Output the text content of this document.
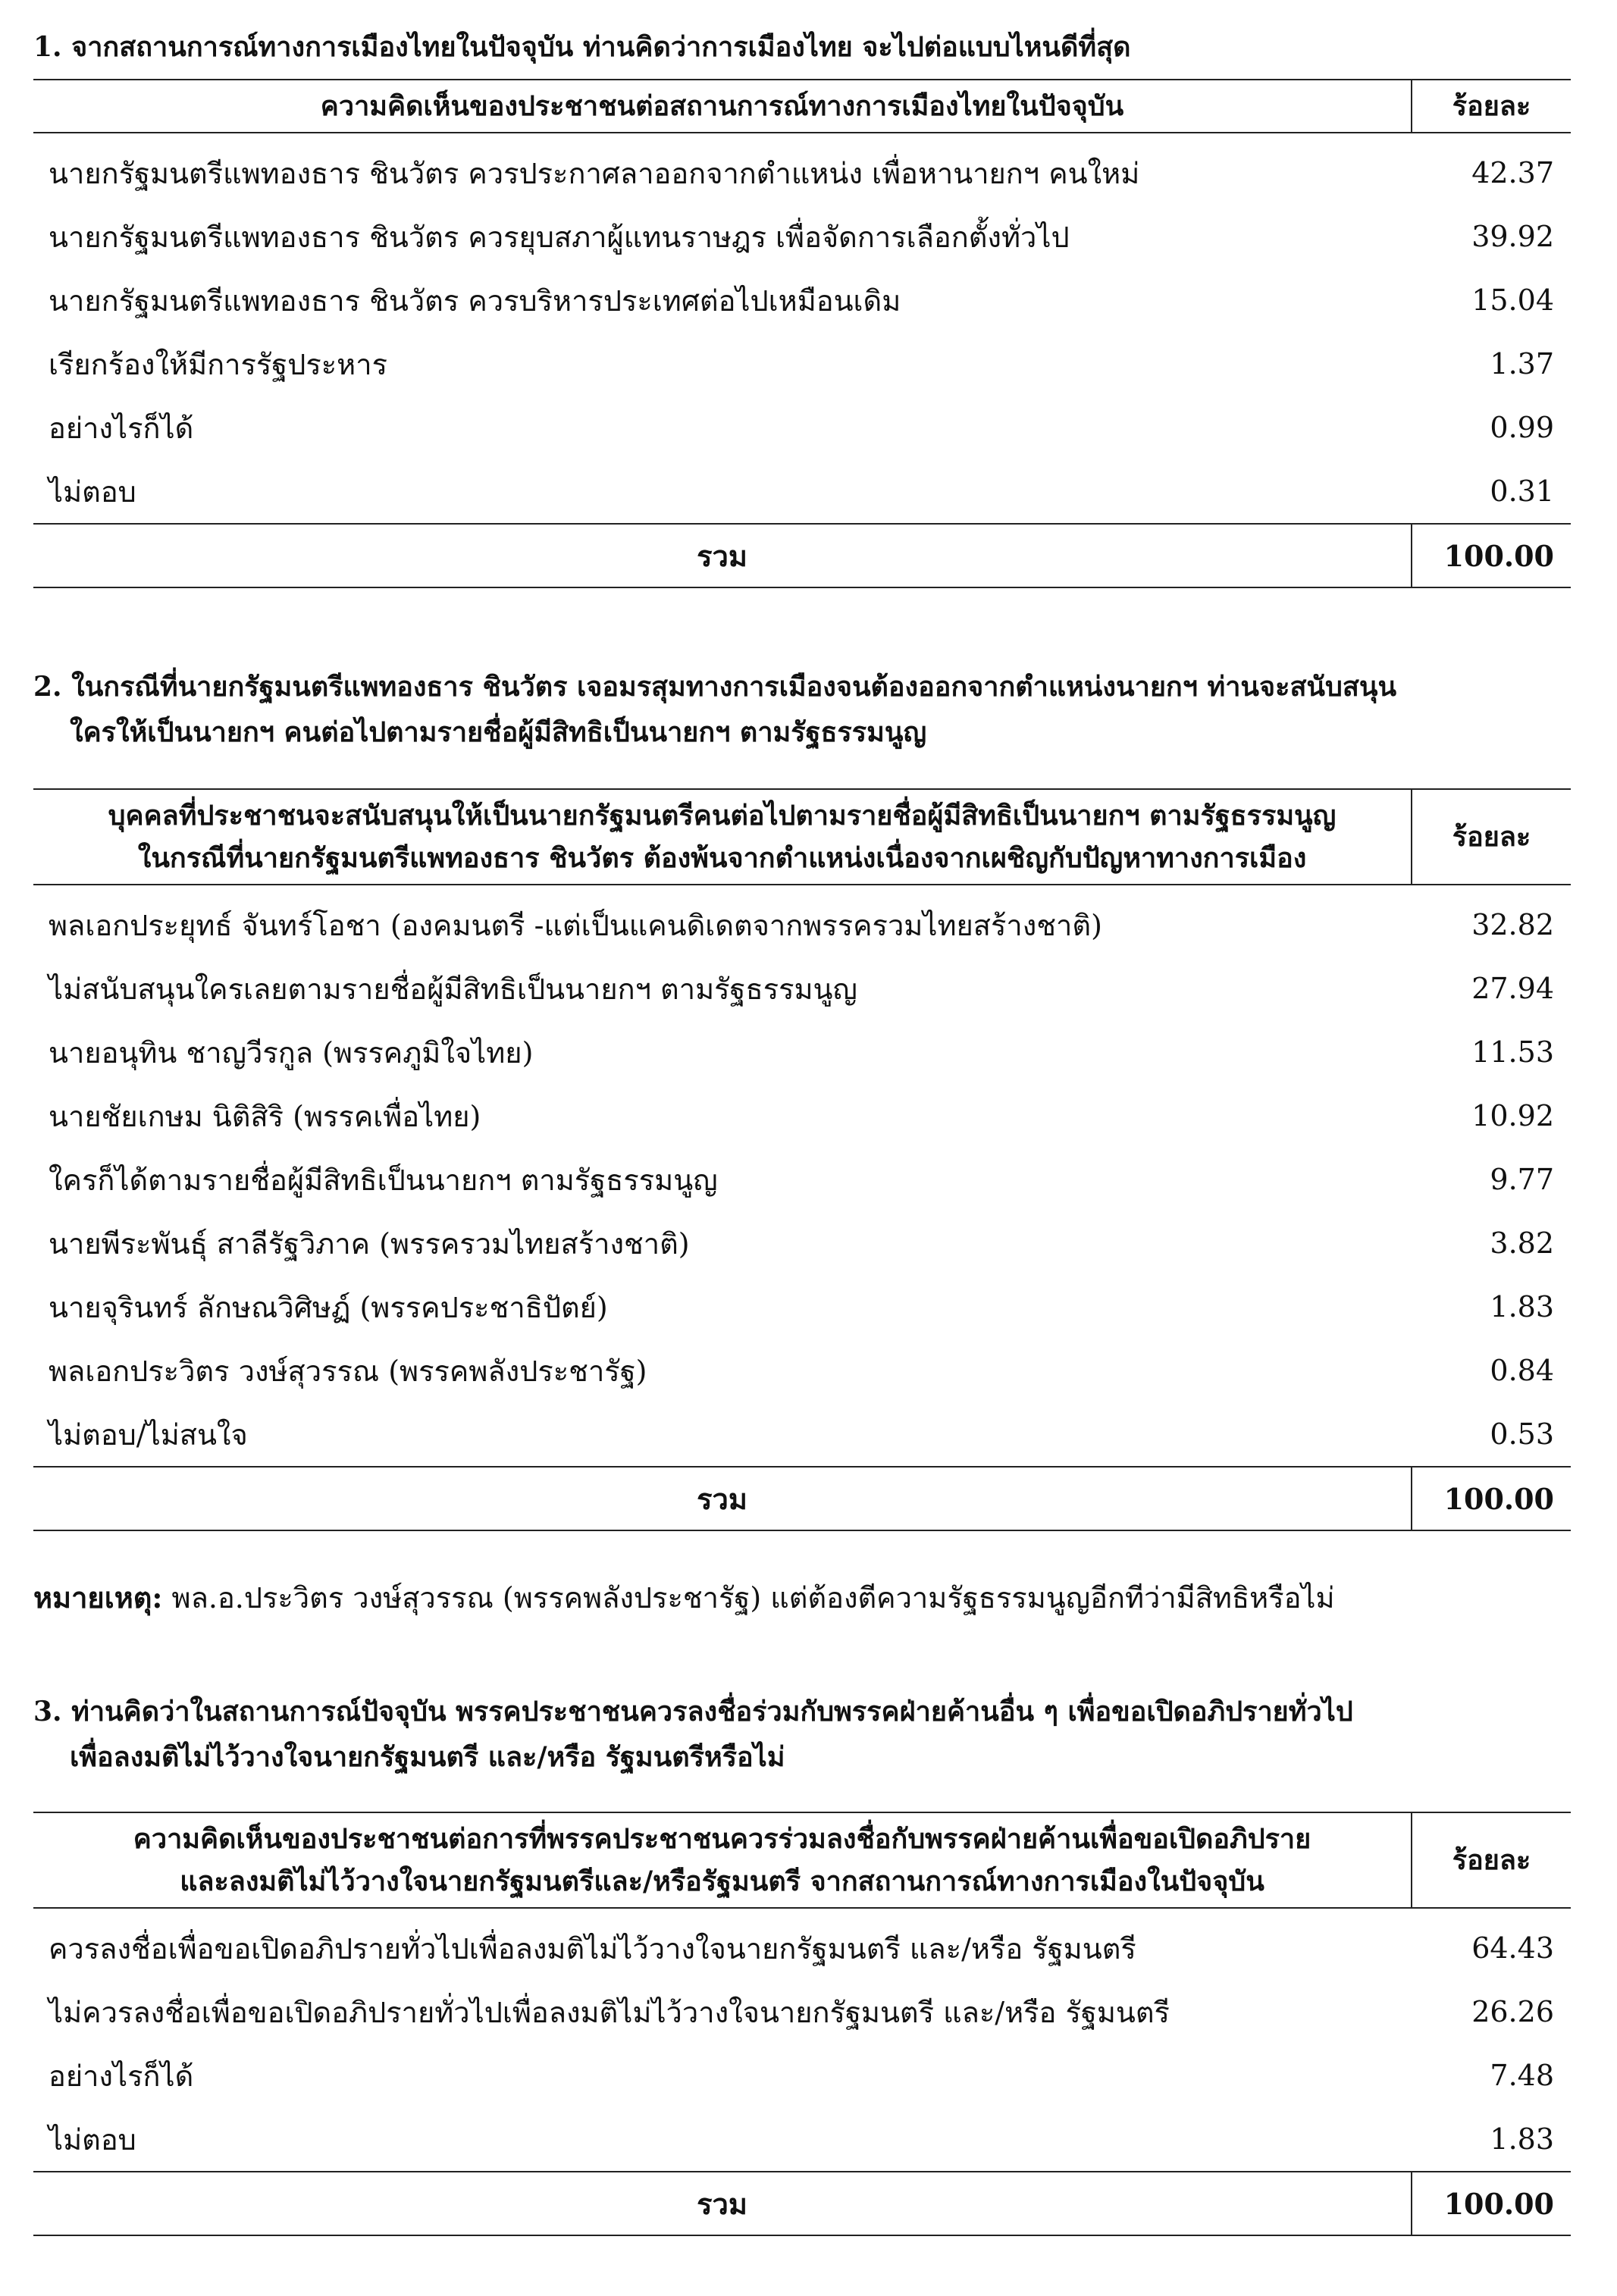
1. จากสถานการณ์ทางการเมืองไทยในปัจจุบัน ท่านคิดว่าการเมืองไทย จะไปต่อแบบไหนดีที่สุด
ความคิดเห็นของประชาชนต่อสถานการณ์ทางการเมืองไทยในปัจจุบัน	ร้อยละ
นายกรัฐมนตรีแพทองธาร ชินวัตร ควรประกาศลาออกจากตำแหน่ง เพื่อหานายกฯ คนใหม่	42.37
นายกรัฐมนตรีแพทองธาร ชินวัตร ควรยุบสภาผู้แทนราษฎร เพื่อจัดการเลือกตั้งทั่วไป	39.92
นายกรัฐมนตรีแพทองธาร ชินวัตร ควรบริหารประเทศต่อไปเหมือนเดิม	15.04
เรียกร้องให้มีการรัฐประหาร	1.37
อย่างไรก็ได้	0.99
ไม่ตอบ	0.31
รวม	100.00
2. ในกรณีที่นายกรัฐมนตรีแพทองธาร ชินวัตร เจอมรสุมทางการเมืองจนต้องออกจากตำแหน่งนายกฯ ท่านจะสนับสนุน
ใครให้เป็นนายกฯ คนต่อไปตามรายชื่อผู้มีสิทธิเป็นนายกฯ ตามรัฐธรรมนูญ
บุคคลที่ประชาชนจะสนับสนุนให้เป็นนายกรัฐมนตรีคนต่อไปตามรายชื่อผู้มีสิทธิเป็นนายกฯ ตามรัฐธรรมนูญ
ในกรณีที่นายกรัฐมนตรีแพทองธาร ชินวัตร ต้องพ้นจากตำแหน่งเนื่องจากเผชิญกับปัญหาทางการเมือง	ร้อยละ
พลเอกประยุทธ์ จันทร์โอชา (องคมนตรี -แต่เป็นแคนดิเดตจากพรรครวมไทยสร้างชาติ)	32.82
ไม่สนับสนุนใครเลยตามรายชื่อผู้มีสิทธิเป็นนายกฯ ตามรัฐธรรมนูญ	27.94
นายอนุทิน ชาญวีรกูล (พรรคภูมิใจไทย)	11.53
นายชัยเกษม นิติสิริ (พรรคเพื่อไทย)	10.92
ใครก็ได้ตามรายชื่อผู้มีสิทธิเป็นนายกฯ ตามรัฐธรรมนูญ	9.77
นายพีระพันธุ์ สาลีรัฐวิภาค (พรรครวมไทยสร้างชาติ)	3.82
นายจุรินทร์ ลักษณวิศิษฏ์ (พรรคประชาธิปัตย์)	1.83
พลเอกประวิตร วงษ์สุวรรณ (พรรคพลังประชารัฐ)	0.84
ไม่ตอบ/ไม่สนใจ	0.53
รวม	100.00
หมายเหตุ: พล.อ.ประวิตร วงษ์สุวรรณ (พรรคพลังประชารัฐ) แต่ต้องตีความรัฐธรรมนูญอีกทีว่ามีสิทธิหรือไม่
3. ท่านคิดว่าในสถานการณ์ปัจจุบัน พรรคประชาชนควรลงชื่อร่วมกับพรรคฝ่ายค้านอื่น ๆ เพื่อขอเปิดอภิปรายทั่วไป
เพื่อลงมติไม่ไว้วางใจนายกรัฐมนตรี และ/หรือ รัฐมนตรีหรือไม่
ความคิดเห็นของประชาชนต่อการที่พรรคประชาชนควรร่วมลงชื่อกับพรรคฝ่ายค้านเพื่อขอเปิดอภิปราย
และลงมติไม่ไว้วางใจนายกรัฐมนตรีและ/หรือรัฐมนตรี จากสถานการณ์ทางการเมืองในปัจจุบัน	ร้อยละ
ควรลงชื่อเพื่อขอเปิดอภิปรายทั่วไปเพื่อลงมติไม่ไว้วางใจนายกรัฐมนตรี และ/หรือ รัฐมนตรี	64.43
ไม่ควรลงชื่อเพื่อขอเปิดอภิปรายทั่วไปเพื่อลงมติไม่ไว้วางใจนายกรัฐมนตรี และ/หรือ รัฐมนตรี	26.26
อย่างไรก็ได้	7.48
ไม่ตอบ	1.83
รวม	100.00
